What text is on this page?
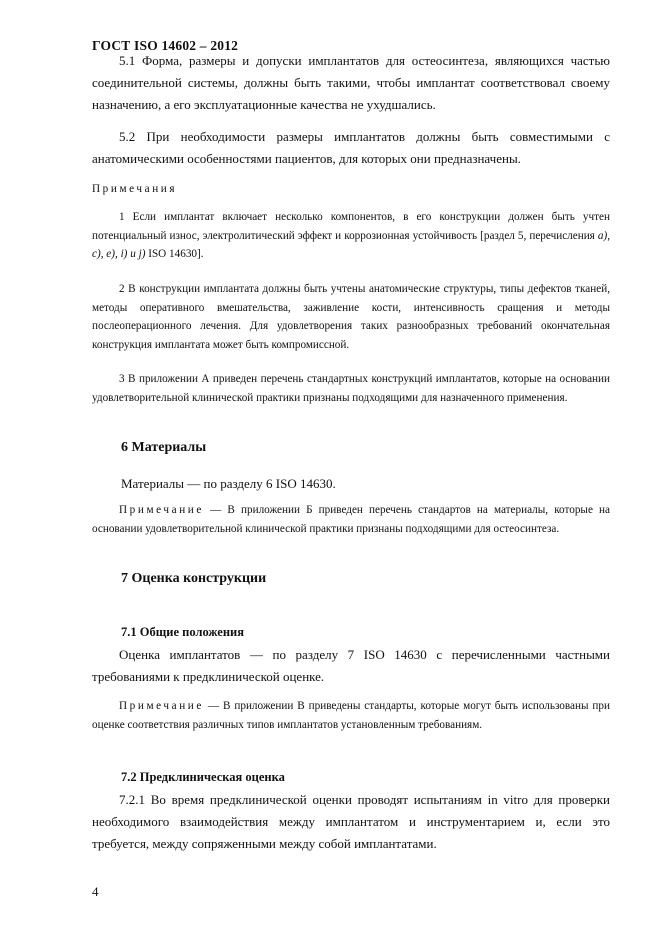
ГОСТ ISO 14602 – 2012

5.1 Форма, размеры и допуски имплантатов для остеосинтеза, являющихся частью соединительной системы, должны быть такими, чтобы имплантат соответствовал своему назначению, а его эксплуатационные качества не ухудшались.

5.2 При необходимости размеры имплантатов должны быть совместимыми с анатомическими особенностями пациентов, для которых они предназначены.

Примечания

1 Если имплантат включает несколько компонентов, в его конструкции должен быть учтен потенциальный износ, электролитический эффект и коррозионная устойчивость [раздел 5, перечисления a), c), e), i) и j) ISO 14630].

2 В конструкции имплантата должны быть учтены анатомические структуры, типы дефектов тканей, методы оперативного вмешательства, заживление кости, интенсивность сращения и методы послеоперационного лечения. Для удовлетворения таких разнообразных требований окончательная конструкция имплантата может быть компромиссной.

3 В приложении А приведен перечень стандартных конструкций имплантатов, которые на основании удовлетворительной клинической практики признаны подходящими для назначенного применения.

6 Материалы

Материалы — по разделу 6 ISO 14630.

Примечание — В приложении Б приведен перечень стандартов на материалы, которые на основании удовлетворительной клинической практики признаны подходящими для остеосинтеза.

7 Оценка конструкции
7.1 Общие положения

Оценка имплантатов — по разделу 7 ISO 14630 с перечисленными частными требованиями к предклинической оценке.

Примечание — В приложении В приведены стандарты, которые могут быть использованы при оценке соответствия различных типов имплантатов установленным требованиям.

7.2 Предклиническая оценка

7.2.1 Во время предклинической оценки проводят испытаниям in vitro для проверки необходимого взаимодействия между имплантатом и инструментарием и, если это требуется, между сопряженными между собой имплантатами.

4
